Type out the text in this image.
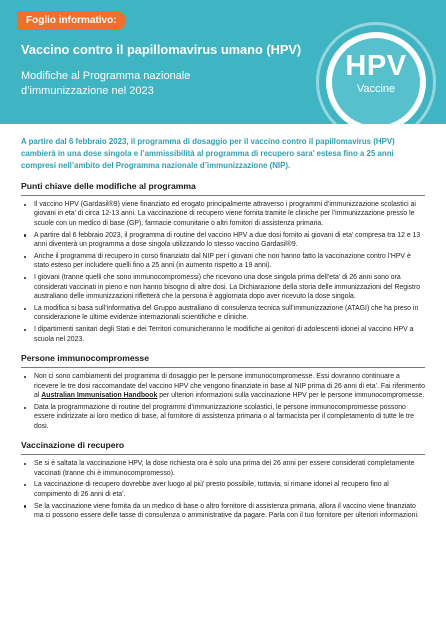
Foglio informativo:
Vaccino contro il papillomavirus umano (HPV)
Modifiche al Programma nazionale
d’immunizzazione nel 2023
HPV
Vaccine

A partire dal 6 febbraio 2023, il programma di dosaggio per il vaccino contro il papillomavirus (HPV) cambierà in una dose singola e l’ammissibilità al programma di recupero sara’ estesa fino a 25 anni compresi nell’ambito del Programma nazionale d’immunizzazione (NIP).

Punti chiave delle modifiche al programma
Il vaccino HPV (Gardasil®9) viene finanziato ed erogato principalmente attraverso i programmi d’immunizzazione scolastici ai giovani in eta’ di circa 12-13 anni. La vaccinazione di recupero viene fornita tramite le cliniche per l’immunizzazione presso le scuole con un medico di base (GP), farmacie comunitarie o altri fornitori di assistenza primaria.
A partire dal 6 febbraio 2023, il programma di routine del vaccino HPV a due dosi fornito ai giovani di eta’ compresa tra 12 e 13 anni diventerà un programma a dose singola utilizzando lo stesso vaccino Gardasil®9.
Anche il programma di recupero in corso finanziato dal NIP per i giovani che non hanno fatto la vaccinazione contro l’HPV è stato esteso per includere quelli fino a 25 anni (in aumento rispetto a 19 anni).
I giovani (tranne quelli che sono immunocompromessi) che ricevono una dose singola prima dell’eta’ di 26 anni sono ora considerati vaccinati in pieno e non hanno bisogno di altre dosi. La Dichiarazione della storia delle immunizzazioni del Registro australiano delle immunizzazioni rifletterà che la persona è aggiornata dopo aver ricevuto la dose singola.
La modifica si basa sull’informativa del Gruppo australiano di consulenza tecnica sull’immunizzazione (ATAGI) che ha preso in considerazione le ultime evidenze internazionali scientifiche e cliniche.
I dipartimenti sanitari degli Stati e dei Territori comunicheranno le modifiche ai genitori di adolescenti idonei al vaccino HPV a scuola nel 2023.
Persone immunocompromesse
Non ci sono cambiamenti del programma di dosaggio per le persone immunocompromesse. Essi dovranno continuare a ricevere le tre dosi raccomandate del vaccino HPV che vengono finanziate in base al NIP prima di 26 anni di eta’. Fai riferimento al Australian Immunisation Handbook per ulteriori informazioni sulla vaccinazione HPV per le persone immunocompromesse.
Data la programmazione di routine del programmi d’immunizzazione scolastici, le persone immunocompromesse possono essere indirizzate ai loro medico di base, al fornitore di assistenza primaria o al farmacista per il completamento di tutte le tre dosi.
Vaccinazione di recupero
Se si è saltata la vaccinazione HPV, la dose richiesta ora è solo una prima dei 26 anni per essere considerati completamente vaccinati (tranne chi è immunocompromesso).
La vaccinazione di recupero dovrebbe aver luogo al più’ presto possibile, tuttavia, si rimane idonei al recupero fino al compimento di 26 anni di eta’.
Se la vaccinazione viene fornita da un medico di base o altro fornitore di assistenza primaria, allora il vaccino viene finanziato ma ci possono essere delle tasse di consulenza o amministrative da pagare. Parla con il tuo fornitore per ulteriori informazioni.
